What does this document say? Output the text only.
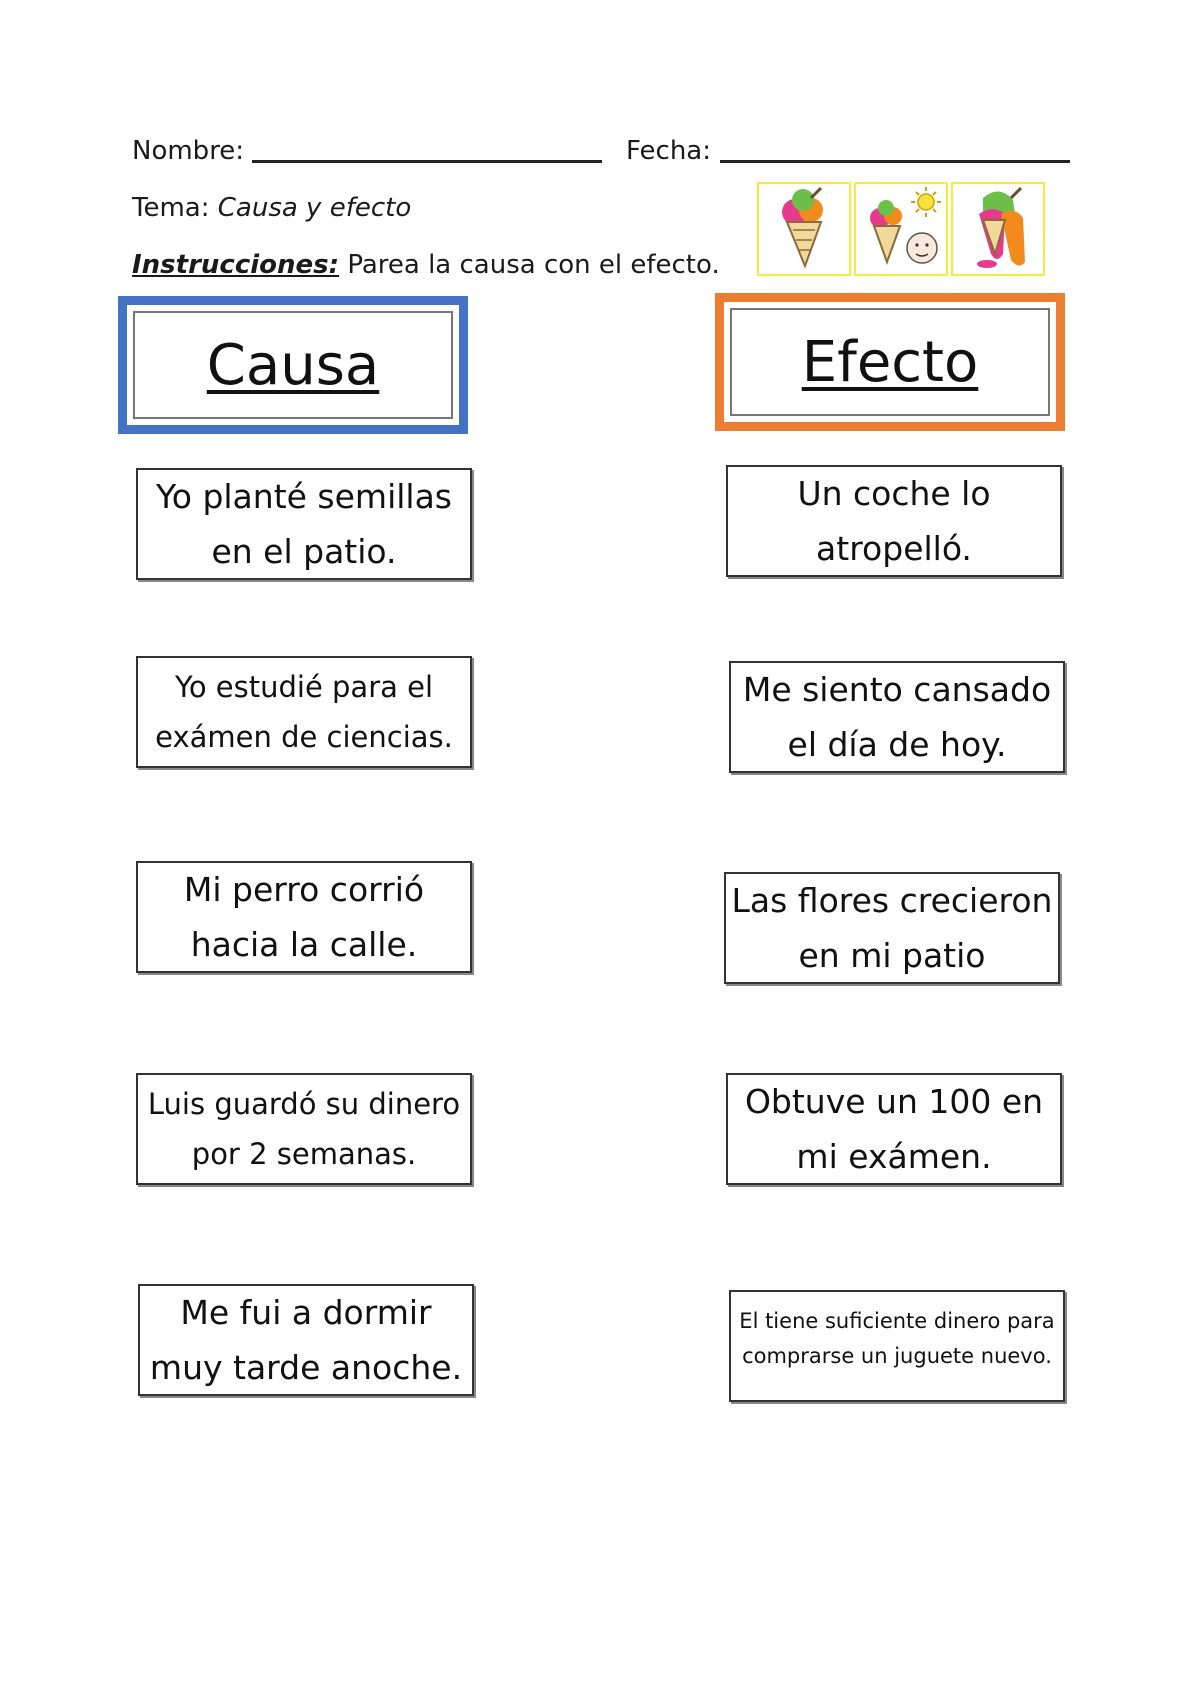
Nombre:	Fecha:
Tema: Causa y efecto
Instrucciones: Parea la causa con el efecto.
Causa	Efecto
Yo planté semillas
en el patio.
Yo estudié para el
exámen de ciencias.
Mi perro corrió
hacia la calle.
Luis guardó su dinero
por 2 semanas.
Me fui a dormir
muy tarde anoche.
Un coche lo
atropelló.
Me siento cansado
el día de hoy.
Las flores crecieron
en mi patio
Obtuve un 100 en
mi exámen.
El tiene suficiente dinero para
comprarse un juguete nuevo.
